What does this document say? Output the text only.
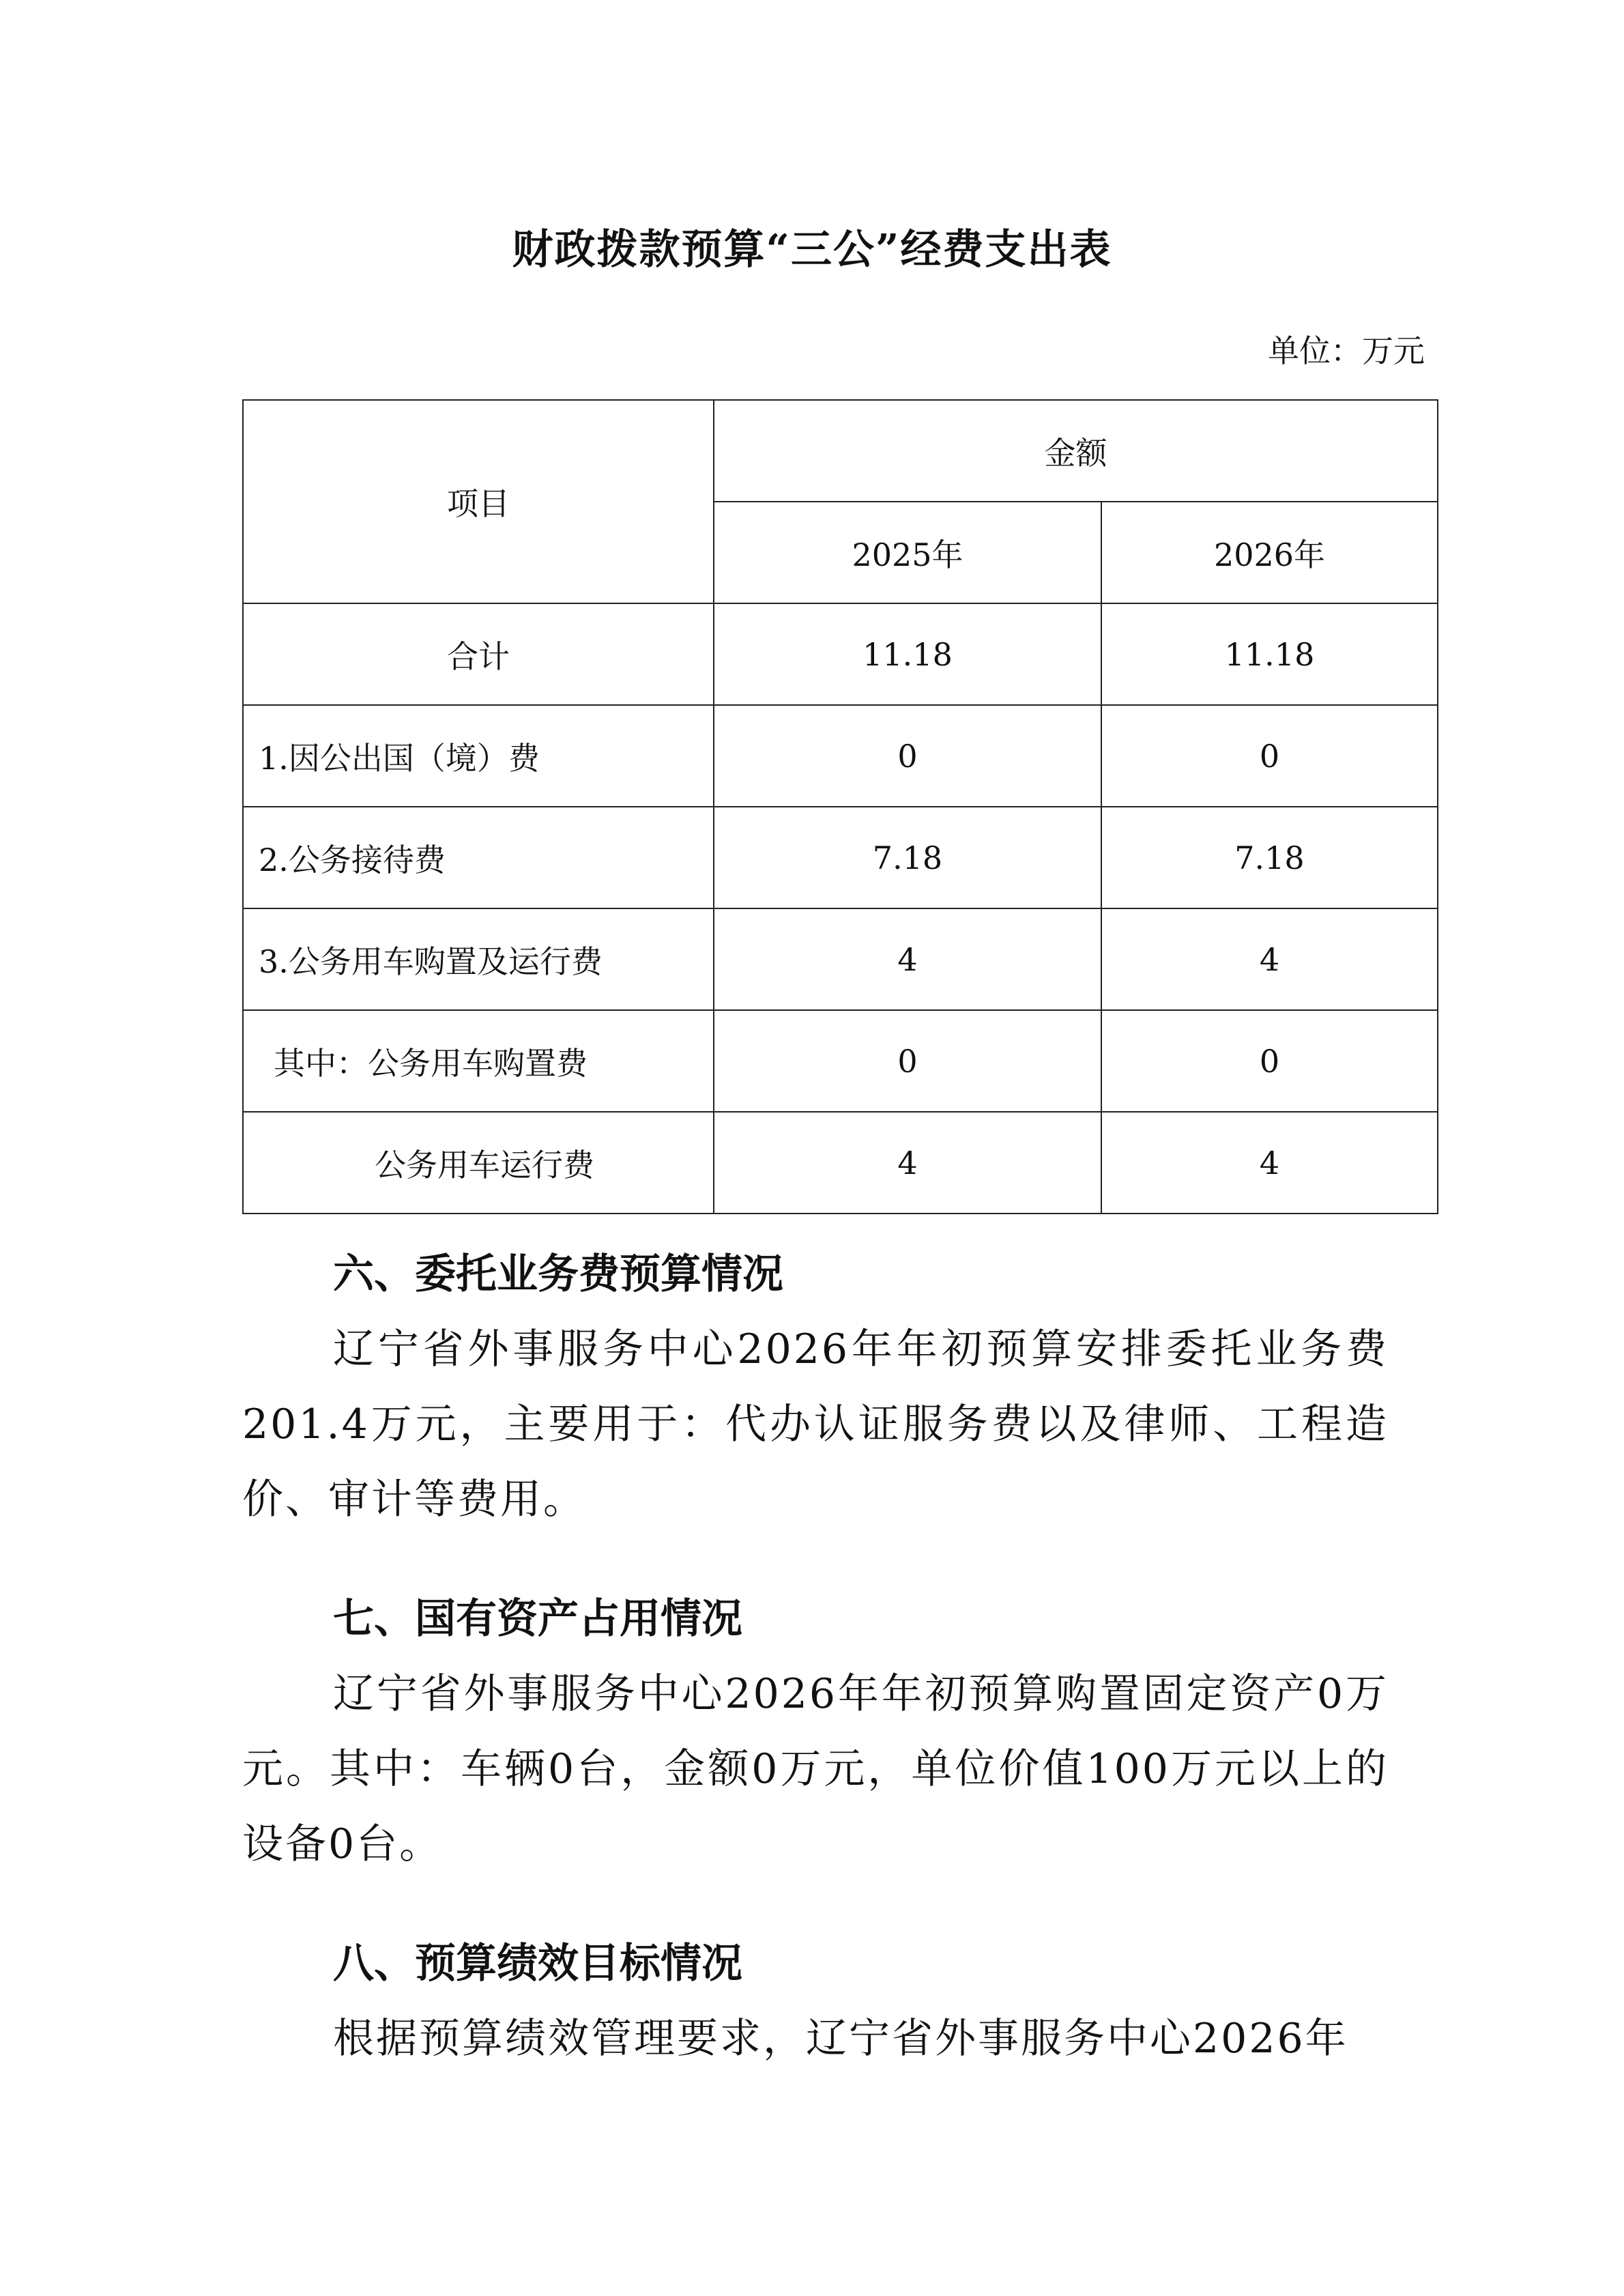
财政拨款预算“三公”经费支出表
单位：万元
项目	金额	
	2025年	2026年
合计	11.18	11.18
1.因公出国（境）费	0	0
2.公务接待费	7.18	7.18
3.公务用车购置及运行费	4	4
其中：公务用车购置费	0	0
公务用车运行费	4	4
六、委托业务费预算情况

辽宁省外事服务中心2026年年初预算安排委托业务费201.4万元，主要用于：代办认证服务费以及律师、工程造价、审计等费用。

七、国有资产占用情况

辽宁省外事服务中心2026年年初预算购置固定资产0万元。其中：车辆0台，金额0万元，单位价值100万元以上的设备0台。

八、预算绩效目标情况

根据预算绩效管理要求，辽宁省外事服务中心2026年
